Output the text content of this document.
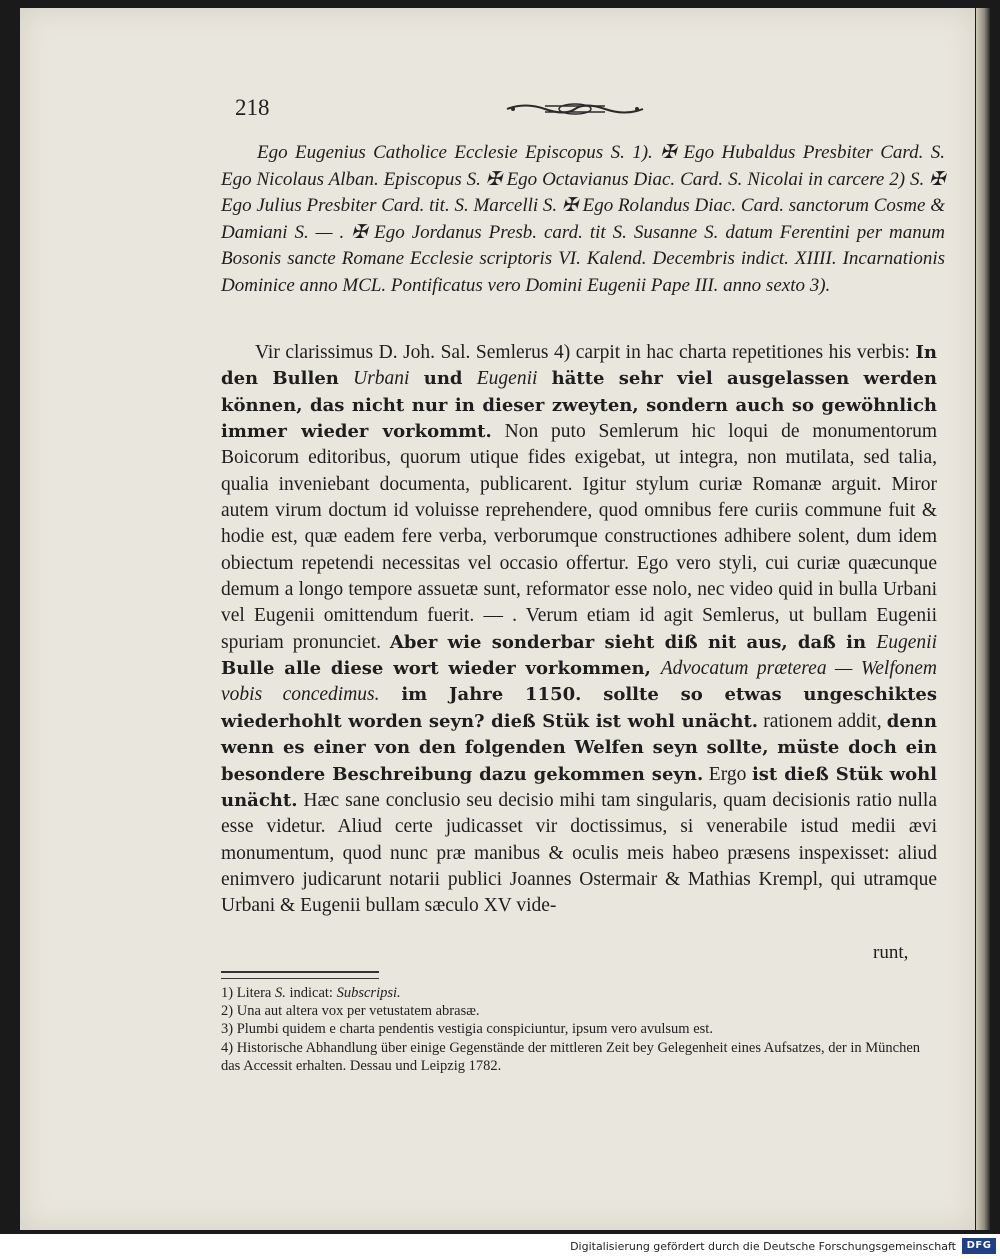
218
Ego Eugenius Catholice Ecclesie Episcopus S. 1). ✠ Ego Hubaldus Presbiter Card. S. Ego Nicolaus Alban. Episcopus S. ✠ Ego Octavianus Diac. Card. S. Nicolai in carcere 2) S. ✠ Ego Julius Presbiter Card. tit. S. Marcelli S. ✠ Ego Rolandus Diac. Card. sanctorum Cosme & Damiani S. — . ✠ Ego Jordanus Presb. card. tit S. Susanne S. datum Ferentini per manum Bosonis sancte Romane Ecclesie scriptoris VI. Kalend. Decembris indict. XIIII. Incarnationis Dominice anno MCL. Pontificatus vero Domini Eugenii Pape III. anno sexto 3).
Vir clarissimus D. Joh. Sal. Semlerus 4) carpit in hac charta repetitiones his verbis: In den Bullen Urbani und Eugenii hätte sehr viel ausgelassen werden können, das nicht nur in dieser zweyten, sondern auch so gewöhnlich immer wieder vorkommt. Non puto Semlerum hic loqui de monumentorum Boicorum editoribus, quorum utique fides exigebat, ut integra, non mutilata, sed talia, qualia inveniebant documenta, publicarent. Igitur stylum curiæ Romanæ arguit. Miror autem virum doctum id voluisse reprehendere, quod omnibus fere curiis commune fuit & hodie est, quæ eadem fere verba, verborumque constructiones adhibere solent, dum idem obiectum repetendi necessitas vel occasio offertur. Ego vero styli, cui curiæ quæcunque demum a longo tempore assuetæ sunt, reformator esse nolo, nec video quid in bulla Urbani vel Eugenii omittendum fuerit. — . Verum etiam id agit Semlerus, ut bullam Eugenii spuriam pronunciet. Aber wie sonderbar sieht diß nit aus, daß in Eugenii Bulle alle diese wort wieder vorkommen, Advocatum præterea — Welfonem vobis concedimus. im Jahre 1150. sollte so etwas ungeschiktes wiederhohlt worden seyn? dieß Stük ist wohl unächt. rationem addit, denn wenn es einer von den folgenden Welfen seyn sollte, müste doch ein besondere Beschreibung dazu gekommen seyn. Ergo ist dieß Stük wohl unächt. Hæc sane conclusio seu decisio mihi tam singularis, quam decisionis ratio nulla esse videtur. Aliud certe judicasset vir doctissimus, si venerabile istud medii ævi monumentum, quod nunc præ manibus & oculis meis habeo præsens inspexisset: aliud enimvero judicarunt notarii publici Joannes Ostermair & Mathias Krempl, qui utramque Urbani & Eugenii bullam sæculo XV vide-
runt,
1) Litera S. indicat: Subscripsi.
2) Una aut altera vox per vetustatem abrasæ.
3) Plumbi quidem e charta pendentis vestigia conspiciuntur, ipsum vero avulsum est.
4) Historische Abhandlung über einige Gegenstände der mittleren Zeit bey Gelegenheit eines Aufsatzes, der in München das Accessit erhalten. Dessau und Leipzig 1782.
Digitalisierung gefördert durch die Deutsche Forschungsgemeinschaft	DFG
